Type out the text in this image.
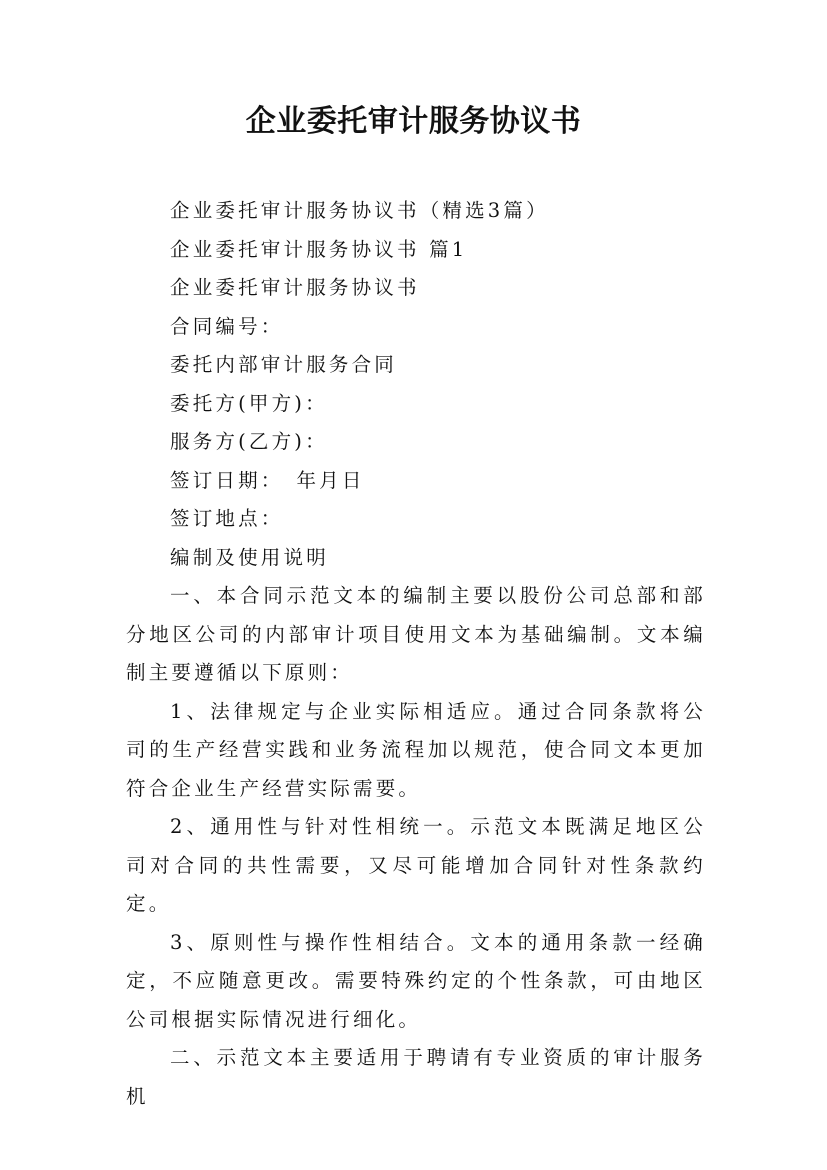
企业委托审计服务协议书

企业委托审计服务协议书（精选3篇）

企业委托审计服务协议书 篇1

企业委托审计服务协议书

合同编号：

委托内部审计服务合同

委托方(甲方)：

服务方(乙方)：

签订日期：　年月日

签订地点：

编制及使用说明

一、本合同示范文本的编制主要以股份公司总部和部分地区公司的内部审计项目使用文本为基础编制。文本编制主要遵循以下原则：

1、法律规定与企业实际相适应。通过合同条款将公司的生产经营实践和业务流程加以规范，使合同文本更加符合企业生产经营实际需要。

2、通用性与针对性相统一。示范文本既满足地区公司对合同的共性需要，又尽可能增加合同针对性条款约定。

3、原则性与操作性相结合。文本的通用条款一经确定，不应随意更改。需要特殊约定的个性条款，可由地区公司根据实际情况进行细化。

二、示范文本主要适用于聘请有专业资质的审计服务机
